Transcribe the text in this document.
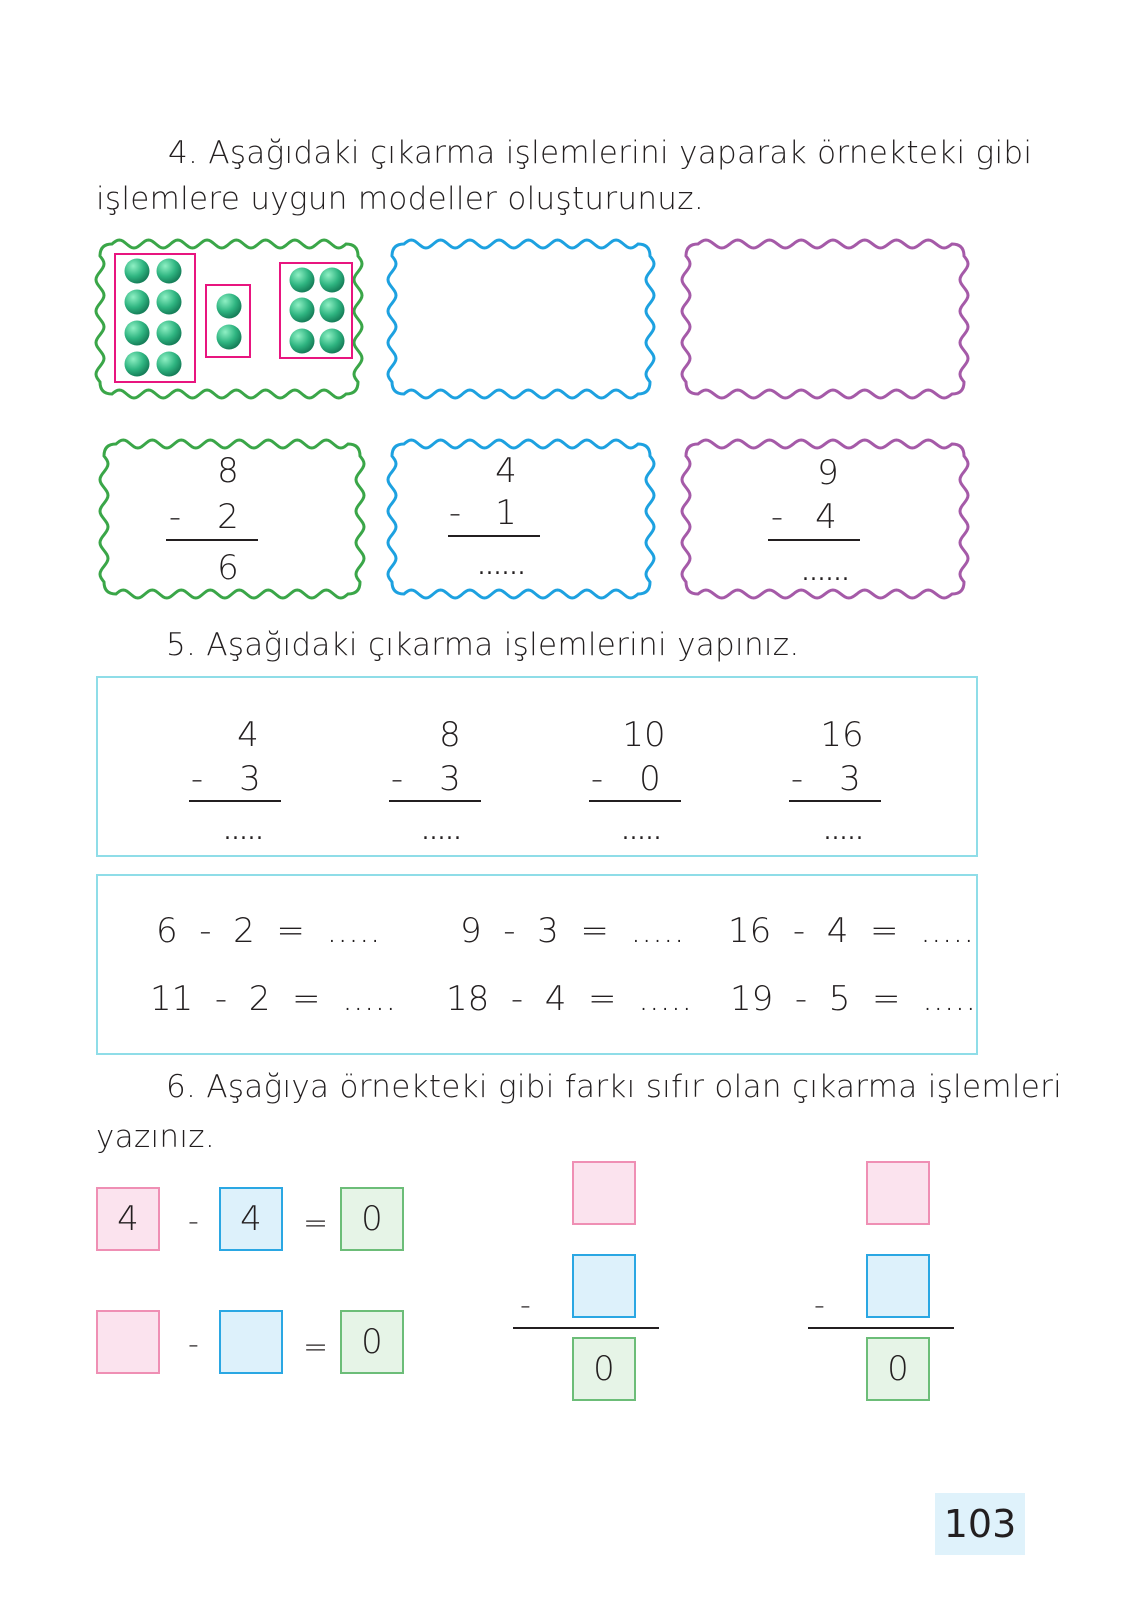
4. Aşağıdaki çıkarma işlemlerini yaparak örnekteki gibi
işlemlere uygun modeller oluşturunuz.
8
-	2
6
4
-	1
......
9
- 4
......
5. Aşağıdaki çıkarma işlemlerini yapınız.
4
-	3
.....
8
-	3
.....
10
-	0
.....
16
-	3
.....
6  -  2  =  ..... 9  -  3  =  ..... 16  -  4  =  .....
11  -  2  =  ..... 18  -  4  =  ..... 19  -  5  =  .....
6. Aşağıya örnekteki gibi farkı sıfır olan çıkarma işlemleri
yazınız.
4	-	4	= 0
-	= 0
-
0
-
0
103
